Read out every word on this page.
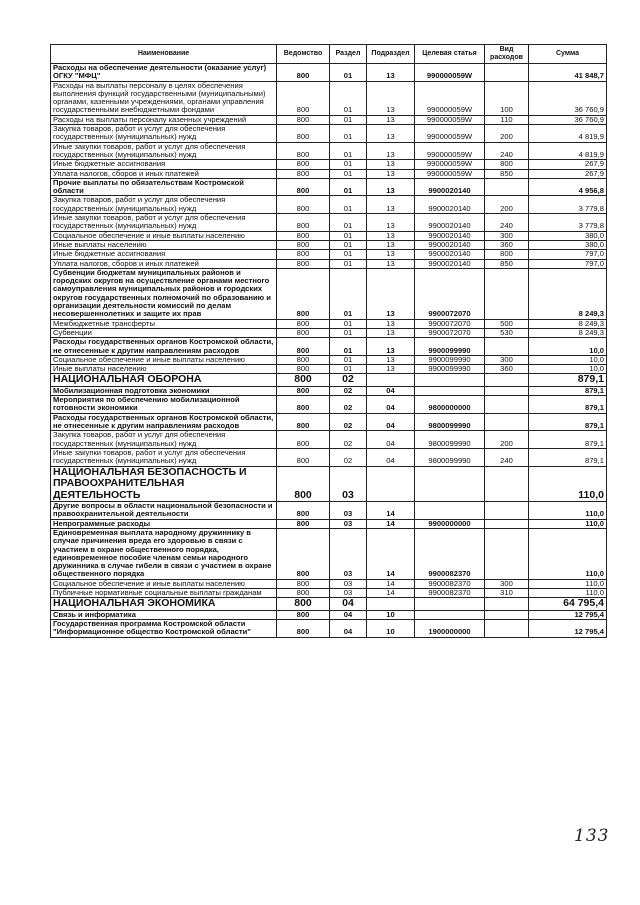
Наименование	Ведомство	Раздел	Подраздел	Целевая статья	Вид расходов	Сумма
Расходы на обеспечение деятельности (оказание услуг) ОГКУ "МФЦ"	800	01	13	990000059W		41 848,7
Расходы на выплаты персоналу в целях обеспечения выполнения функций государственными (муниципальными) органами, казенными учреждениями, органами управления государственными внебюджетными фондами	800	01	13	990000059W	100	36 760,9
Расходы на выплаты персоналу казенных учреждений	800	01	13	990000059W	110	36 760,9
Закупка товаров, работ и услуг для обеспечения государственных (муниципальных) нужд	800	01	13	990000059W	200	4 819,9
Иные закупки товаров, работ и услуг для обеспечения государственных (муниципальных) нужд	800	01	13	990000059W	240	4 819,9
Иные бюджетные ассигнования	800	01	13	990000059W	800	267,9
Уплата налогов, сборов и иных платежей	800	01	13	990000059W	850	267,9
Прочие выплаты по обязательствам Костромской области	800	01	13	9900020140		4 956,8
Закупка товаров, работ и услуг для обеспечения государственных (муниципальных) нужд	800	01	13	9900020140	200	3 779,8
Иные закупки товаров, работ и услуг для обеспечения государственных (муниципальных) нужд	800	01	13	9900020140	240	3 779,8
Социальное обеспечение и иные выплаты населению	800	01	13	9900020140	300	380,0
Иные выплаты населению	800	01	13	9900020140	360	380,0
Иные бюджетные ассигнования	800	01	13	9900020140	800	797,0
Уплата налогов, сборов и иных платежей	800	01	13	9900020140	850	797,0
Субвенции бюджетам муниципальных районов и городских округов на осуществление органами местного самоуправления муниципальных районов и городских округов государственных полномочий по образованию и организации деятельности комиссий по делам несовершеннолетних и защите их прав	800	01	13	9900072070		8 249,3
Межбюджетные трансферты	800	01	13	9900072070	500	8 249,3
Субвенции	800	01	13	9900072070	530	8 249,3
Расходы государственных органов Костромской области, не отнесенные к другим направлениям расходов	800	01	13	9900099990		10,0
Социальное обеспечение и иные выплаты населению	800	01	13	9900099990	300	10,0
Иные выплаты населению	800	01	13	9900099990	360	10,0
НАЦИОНАЛЬНАЯ ОБОРОНА	800	02				879,1
Мобилизационная подготовка экономики	800	02	04			879,1
Мероприятия по обеспечению мобилизационной готовности экономики	800	02	04	9800000000		879,1
Расходы государственных органов Костромской области, не отнесенные к другим направлениям расходов	800	02	04	9800099990		879,1
Закупка товаров, работ и услуг для обеспечения государственных (муниципальных) нужд	800	02	04	9800099990	200	879,1
Иные закупки товаров, работ и услуг для обеспечения государственных (муниципальных) нужд	800	02	04	9800099990	240	879,1
НАЦИОНАЛЬНАЯ БЕЗОПАСНОСТЬ И ПРАВООХРАНИТЕЛЬНАЯ ДЕЯТЕЛЬНОСТЬ	800	03				110,0
Другие вопросы в области национальной безопасности и правоохранительной деятельности	800	03	14			110,0
Непрограммные расходы	800	03	14	9900000000		110,0
Единовременная выплата народному дружиннику в случае причинения вреда его здоровью в связи с участием в охране общественного порядка, единовременное пособие членам семьи народного дружинника в случае гибели в связи с участием в охране общественного порядка	800	03	14	9900082370		110,0
Социальное обеспечение и иные выплаты населению	800	03	14	9900082370	300	110,0
Публичные нормативные социальные выплаты гражданам	800	03	14	9900082370	310	110,0
НАЦИОНАЛЬНАЯ ЭКОНОМИКА	800	04				64 795,4
Связь и информатика	800	04	10			12 795,4
Государственная программа Костромской области "Информационное общество Костромской области"	800	04	10	1900000000		12 795,4
133
